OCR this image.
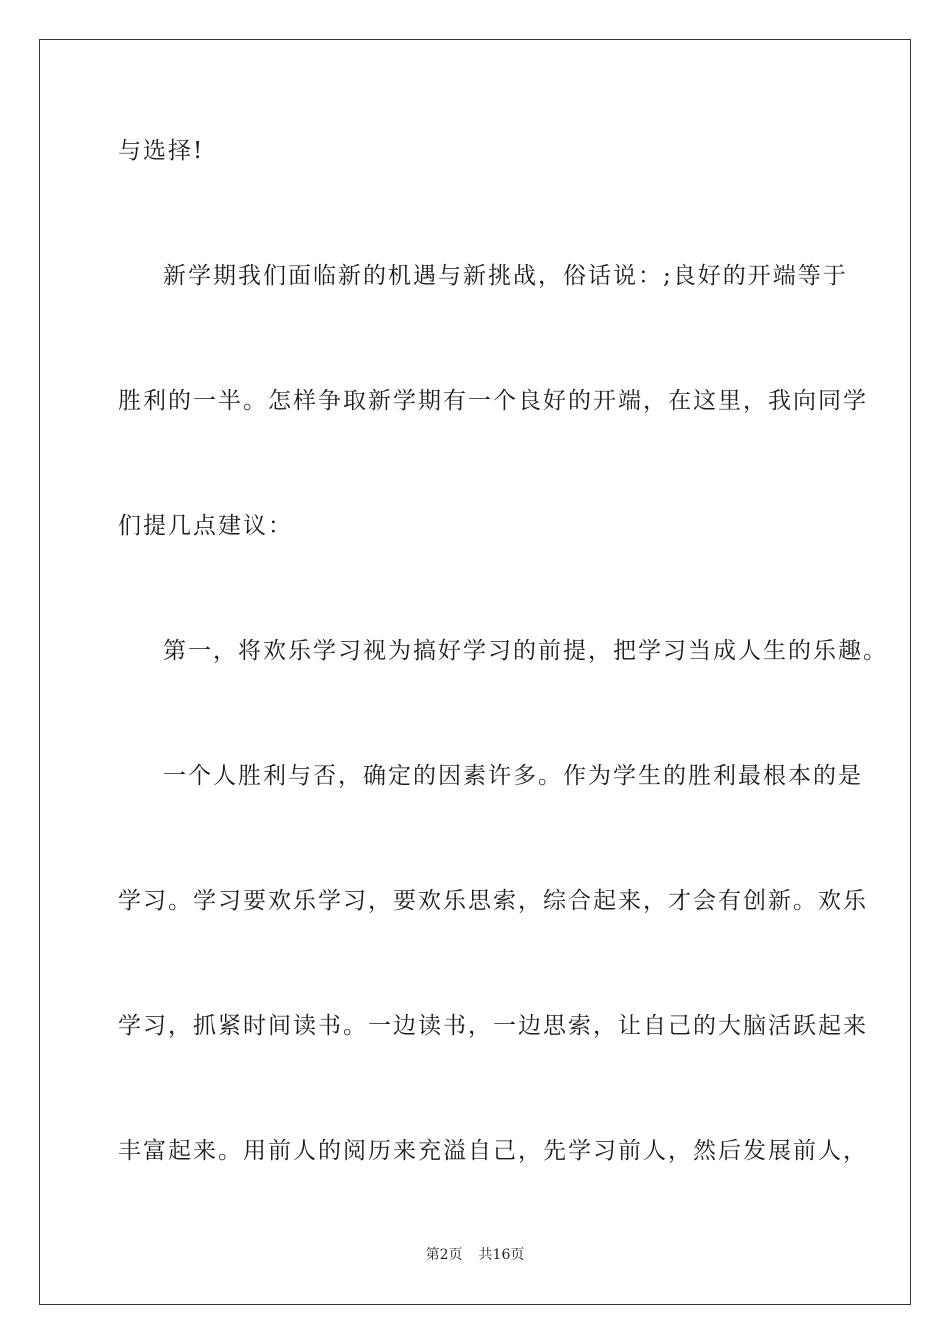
与选择!
新学期我们面临新的机遇与新挑战，俗话说：;良好的开端等于
胜利的一半。怎样争取新学期有一个良好的开端，在这里，我向同学
们提几点建议：
第一，将欢乐学习视为搞好学习的前提，把学习当成人生的乐趣。
一个人胜利与否，确定的因素许多。作为学生的胜利最根本的是
学习。学习要欢乐学习，要欢乐思索，综合起来，才会有创新。欢乐
学习，抓紧时间读书。一边读书，一边思索，让自己的大脑活跃起来
丰富起来。用前人的阅历来充溢自己，先学习前人，然后发展前人，
第2页 共16页
